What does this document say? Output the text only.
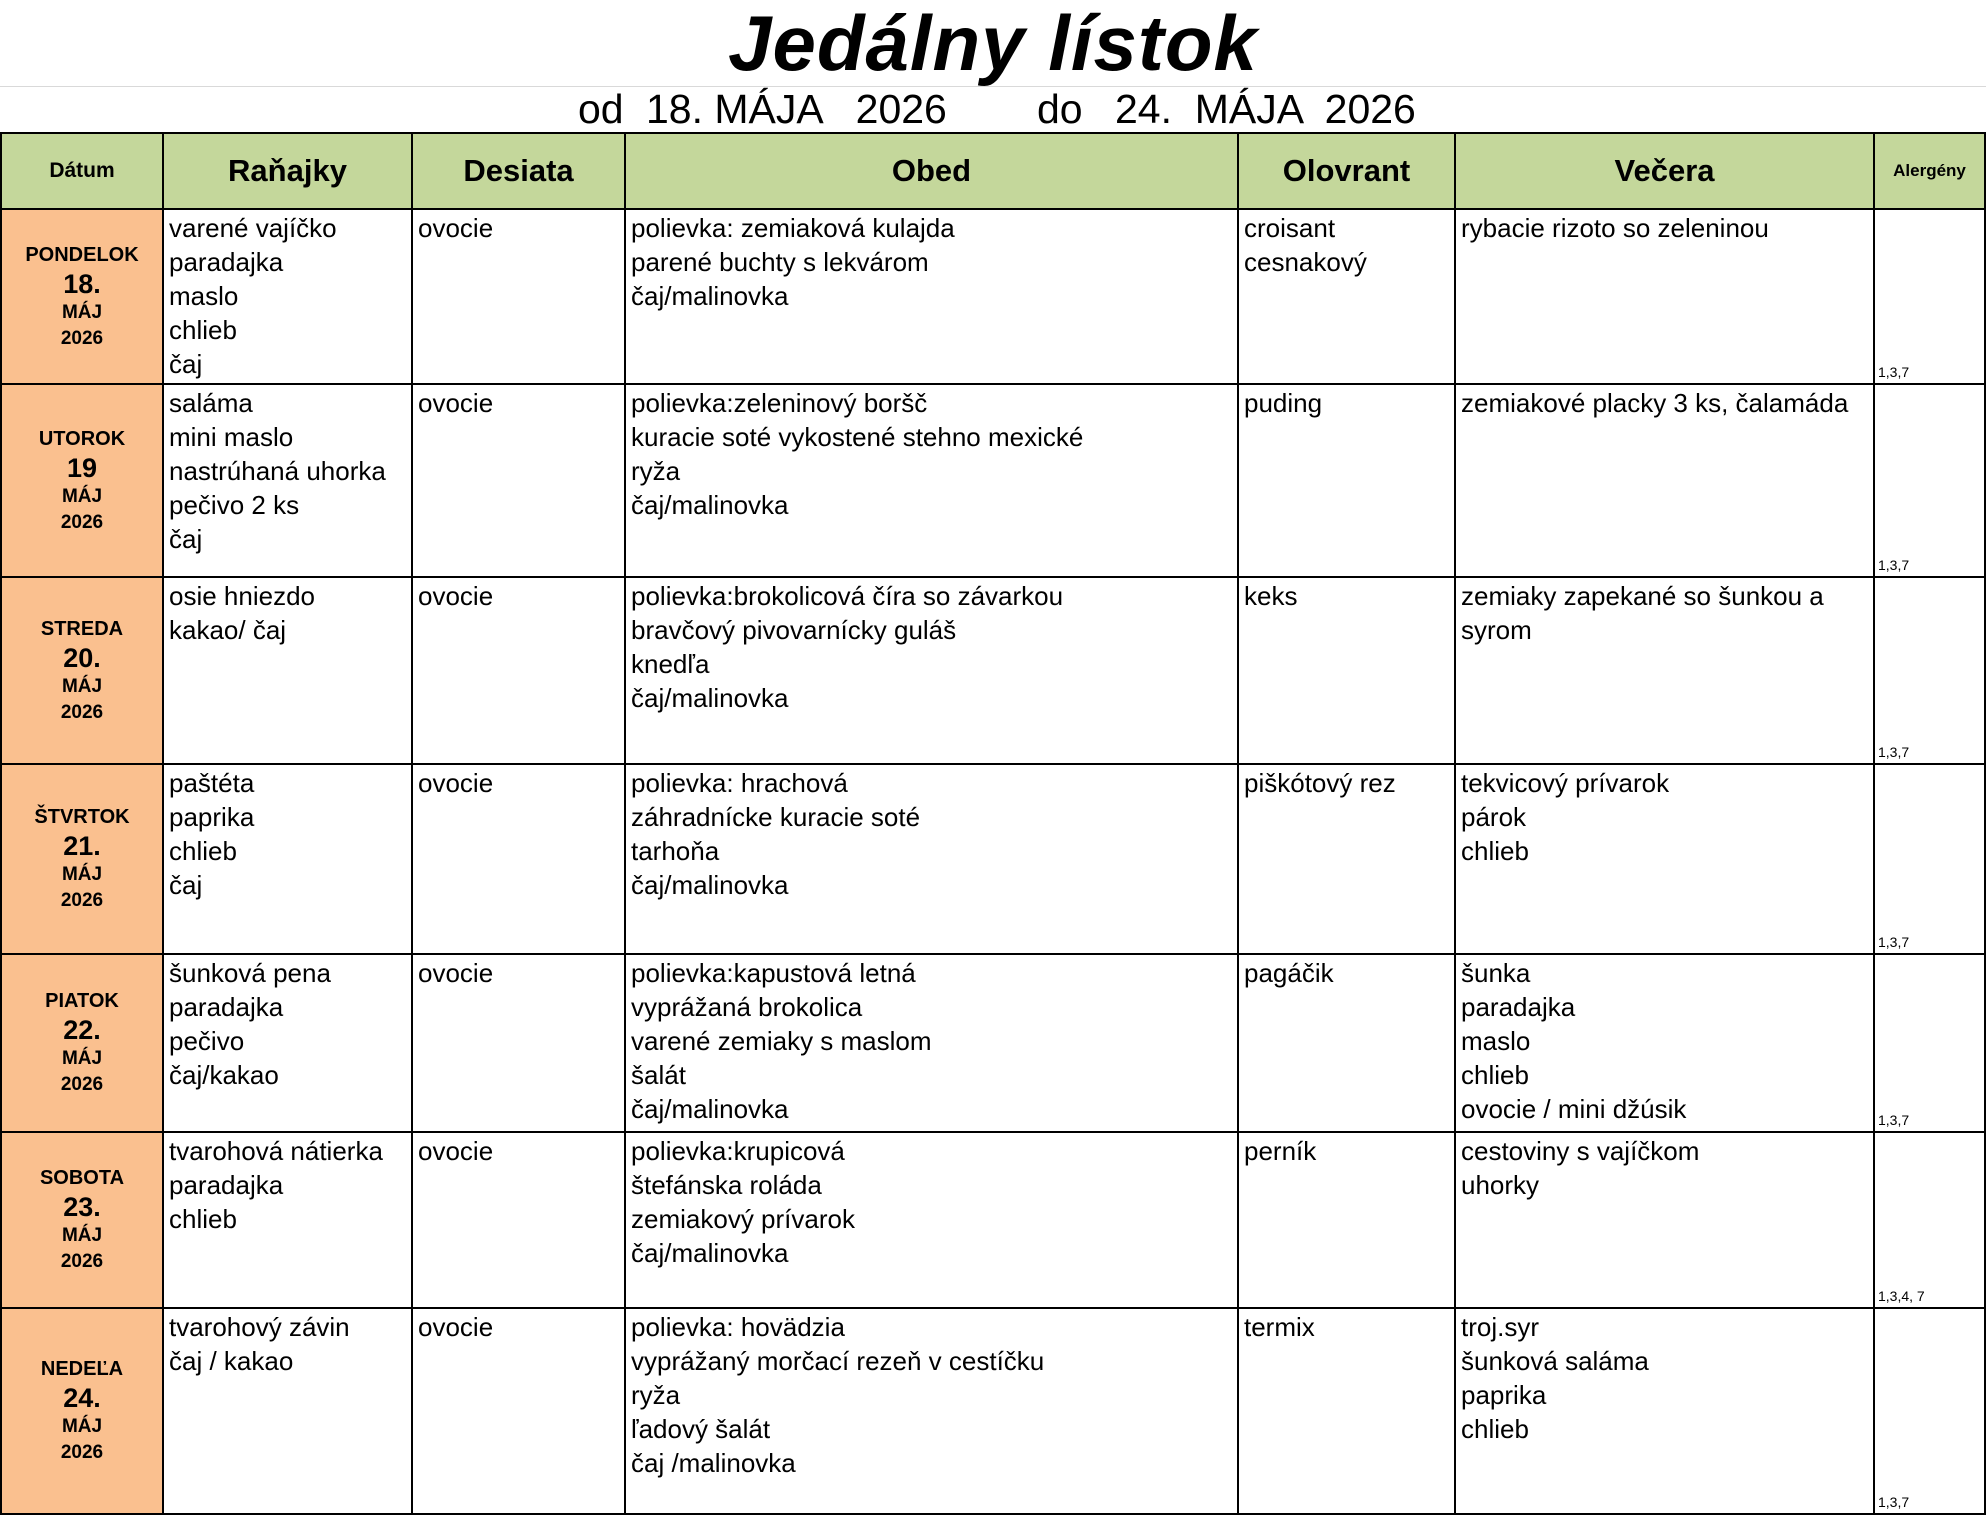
Jedálny lístok
od 18. MÁJA   2026 do 24.  MÁJA  2026
Dátum	Raňajky	Desiata	Obed	Olovrant	Večera	Alergény

PONDELOK
18.
MÁJ
2026	varené vajíčko
paradajka
maslo
chlieb
čaj	ovocie	polievka: zemiaková kulajda
parené buchty s lekvárom
čaj/malinovka	croisant
cesnakový	rybacie rizoto so zeleninou	1,3,7

UTOROK
19
MÁJ
2026	saláma
mini maslo
nastrúhaná uhorka
pečivo 2 ks
čaj	ovocie	polievka:zeleninový boršč
kuracie soté vykostené stehno mexické
ryža
čaj/malinovka	puding	zemiakové placky 3 ks, čalamáda	1,3,7

STREDA
20.
MÁJ
2026	osie hniezdo
kakao/ čaj	ovocie	polievka:brokolicová číra so závarkou
bravčový pivovarnícky guláš
knedľa
čaj/malinovka	keks	zemiaky zapekané so šunkou a
syrom	1,3,7

ŠTVRTOK
21.
MÁJ
2026	paštéta
paprika
chlieb
čaj	ovocie	polievka: hrachová
záhradnícke kuracie soté
tarhoňa
čaj/malinovka	piškótový rez	tekvicový prívarok
párok
chlieb	1,3,7

PIATOK
22.
MÁJ
2026	šunková pena
paradajka
pečivo
čaj/kakao	ovocie	polievka:kapustová letná
vyprážaná brokolica
varené zemiaky s maslom
šalát
čaj/malinovka	pagáčik	šunka
paradajka
maslo
chlieb
ovocie / mini džúsik	1,3,7

SOBOTA
23.
MÁJ
2026	tvarohová nátierka
paradajka
chlieb	ovocie	polievka:krupicová
štefánska roláda
zemiakový prívarok
čaj/malinovka	perník	cestoviny s vajíčkom
uhorky	1,3,4, 7

NEDEĽA
24.
MÁJ
2026	tvarohový závin
čaj / kakao	ovocie	polievka: hovädzia
vyprážaný morčací rezeň v cestíčku
ryža
ľadový šalát
čaj /malinovka	termix	troj.syr
šunková saláma
paprika
chlieb	1,3,7
